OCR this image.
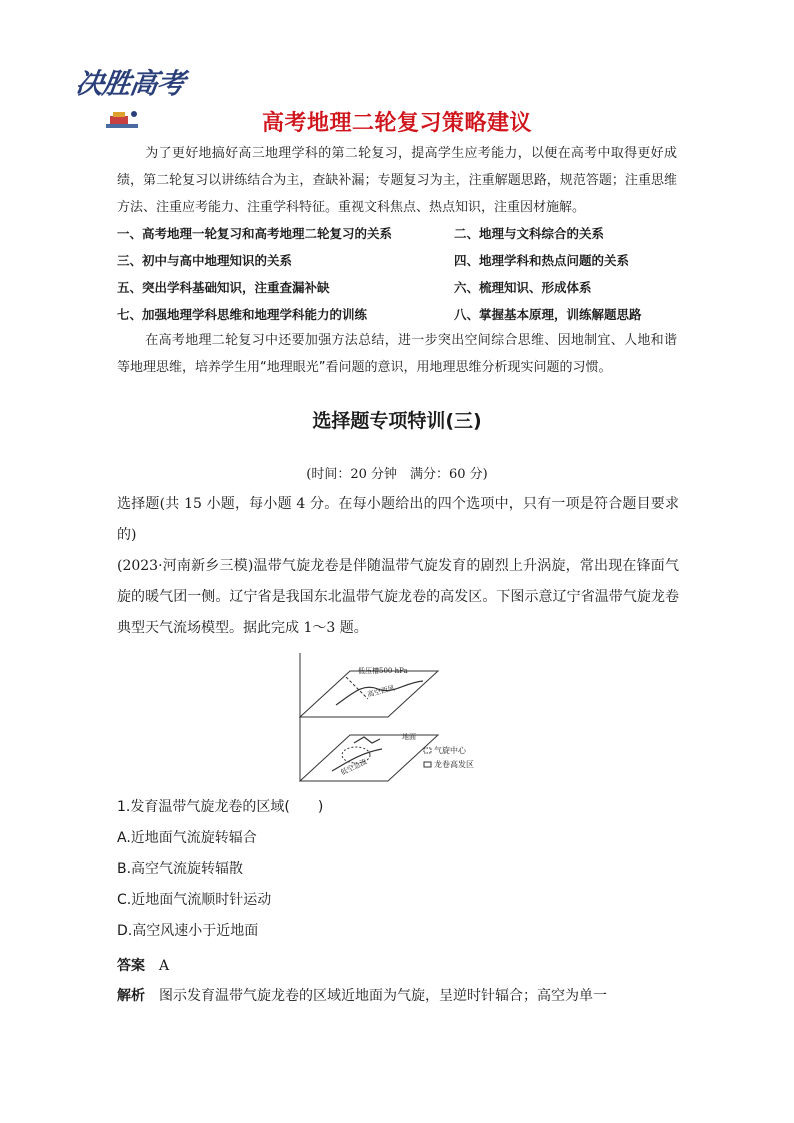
决胜高考
高考地理二轮复习策略建议

为了更好地搞好高三地理学科的第二轮复习，提高学生应考能力，以便在高考中取得更好成绩，第二轮复习以讲练结合为主，查缺补漏；专题复习为主，注重解题思路，规范答题；注重思维方法、注重应考能力、注重学科特征。重视文科焦点、热点知识，注重因材施解。

一、高考地理一轮复习和高考地理二轮复习的关系	二、地理与文科综合的关系
三、初中与高中地理知识的关系	四、地理学科和热点问题的关系
五、突出学科基础知识，注重查漏补缺	六、梳理知识、形成体系
七、加强地理学科思维和地理学科能力的训练	八、掌握基本原理，训练解题思路

在高考地理二轮复习中还要加强方法总结，进一步突出空间综合思维、因地制宜、人地和谐等地理思维，培养学生用“地理眼光”看问题的意识，用地理思维分析现实问题的习惯。

选择题专项特训(三)
(时间：20 分钟　满分：60 分)

选择题(共 15 小题，每小题 4 分。在每小题给出的四个选项中，只有一项是符合题目要求的)

(2023·河南新乡三模)温带气旋龙卷是伴随温带气旋发育的剧烈上升涡旋，常出现在锋面气旋的暖气团一侧。辽宁省是我国东北温带气旋龙卷的高发区。下图示意辽宁省温带气旋龙卷典型天气流场模型。据此完成 1～3 题。

低压槽500 hPa
高空西风
地面
低空急流
气旋中心
龙卷高发区
1.发育温带气旋龙卷的区域(　　)
A.近地面气流旋转辐合
B.高空气流旋转辐散
C.近地面气流顺时针运动
D.高空风速小于近地面
答案 A
解析 图示发育温带气旋龙卷的区域近地面为气旋，呈逆时针辐合；高空为单一
